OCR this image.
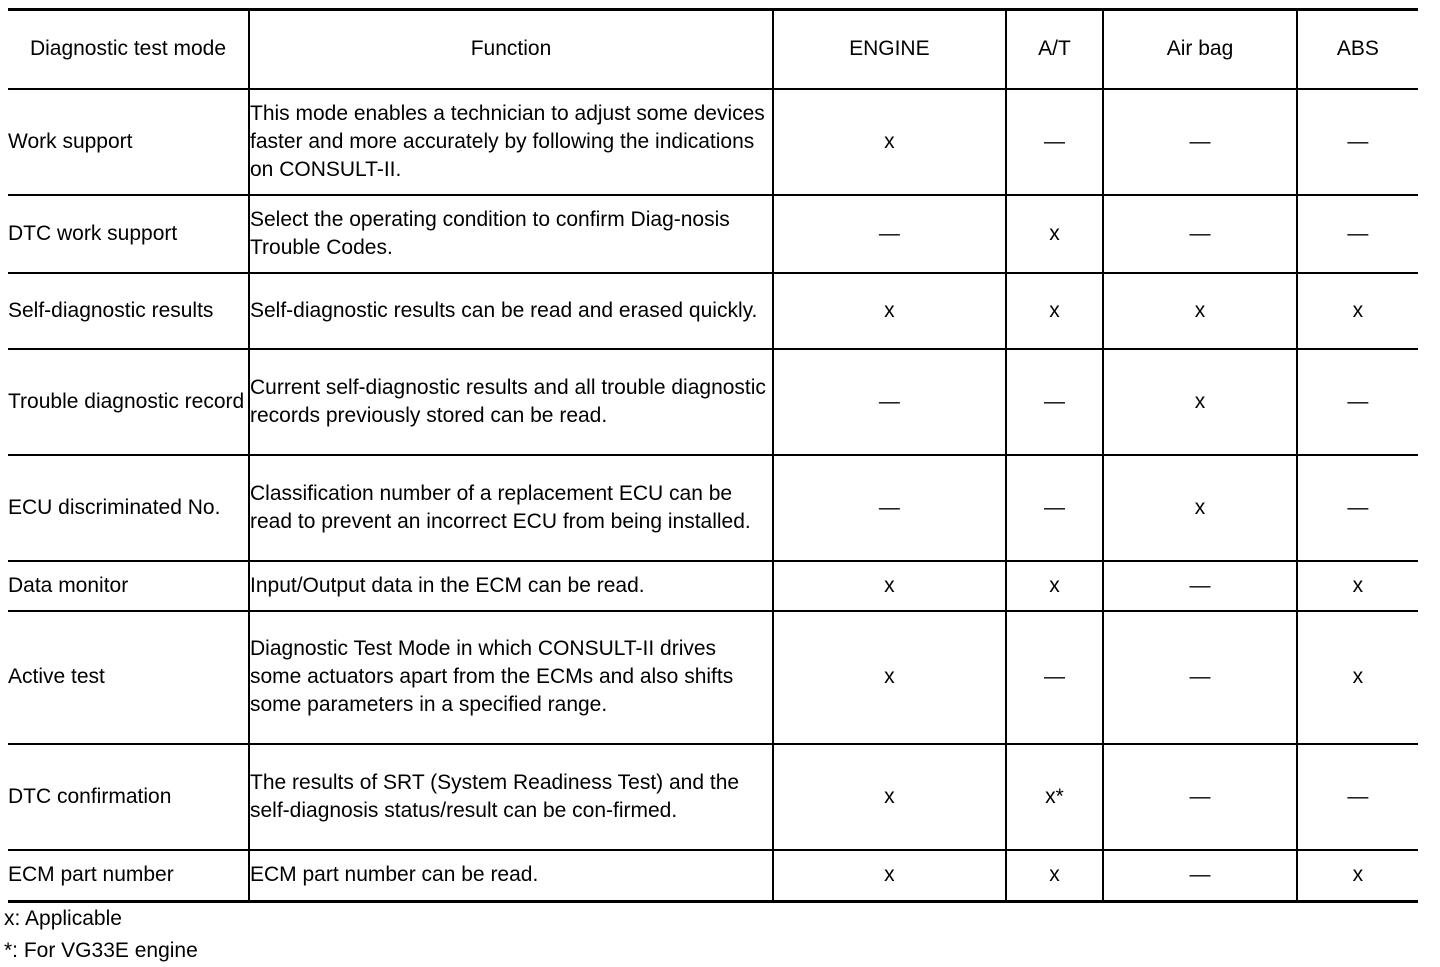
Diagnostic test mode	Function	ENGINE	A/T	Air bag	ABS
Work support	This mode enables a technician to adjust some devices faster and more accurately by following the indications on CONSULT-II.	x	—	—	—
DTC work support	Select the operating condition to confirm Diag-nosis Trouble Codes.	—	x	—	—
Self-diagnostic results	Self-diagnostic results can be read and erased quickly.	x	x	x	x
Trouble diagnostic record	Current self-diagnostic results and all trouble diagnostic records previously stored can be read.	—	—	x	—
ECU discriminated No.	Classification number of a replacement ECU can be read to prevent an incorrect ECU from being installed.	—	—	x	—
Data monitor	Input/Output data in the ECM can be read.	x	x	—	x
Active test	Diagnostic Test Mode in which CONSULT-II drives some actuators apart from the ECMs and also shifts some parameters in a specified range.	x	—	—	x
DTC confirmation	The results of SRT (System Readiness Test) and the self-diagnosis status/result can be con-firmed.	x	x*	—	—
ECM part number	ECM part number can be read.	x	x	—	x
x: Applicable
*: For VG33E engine
